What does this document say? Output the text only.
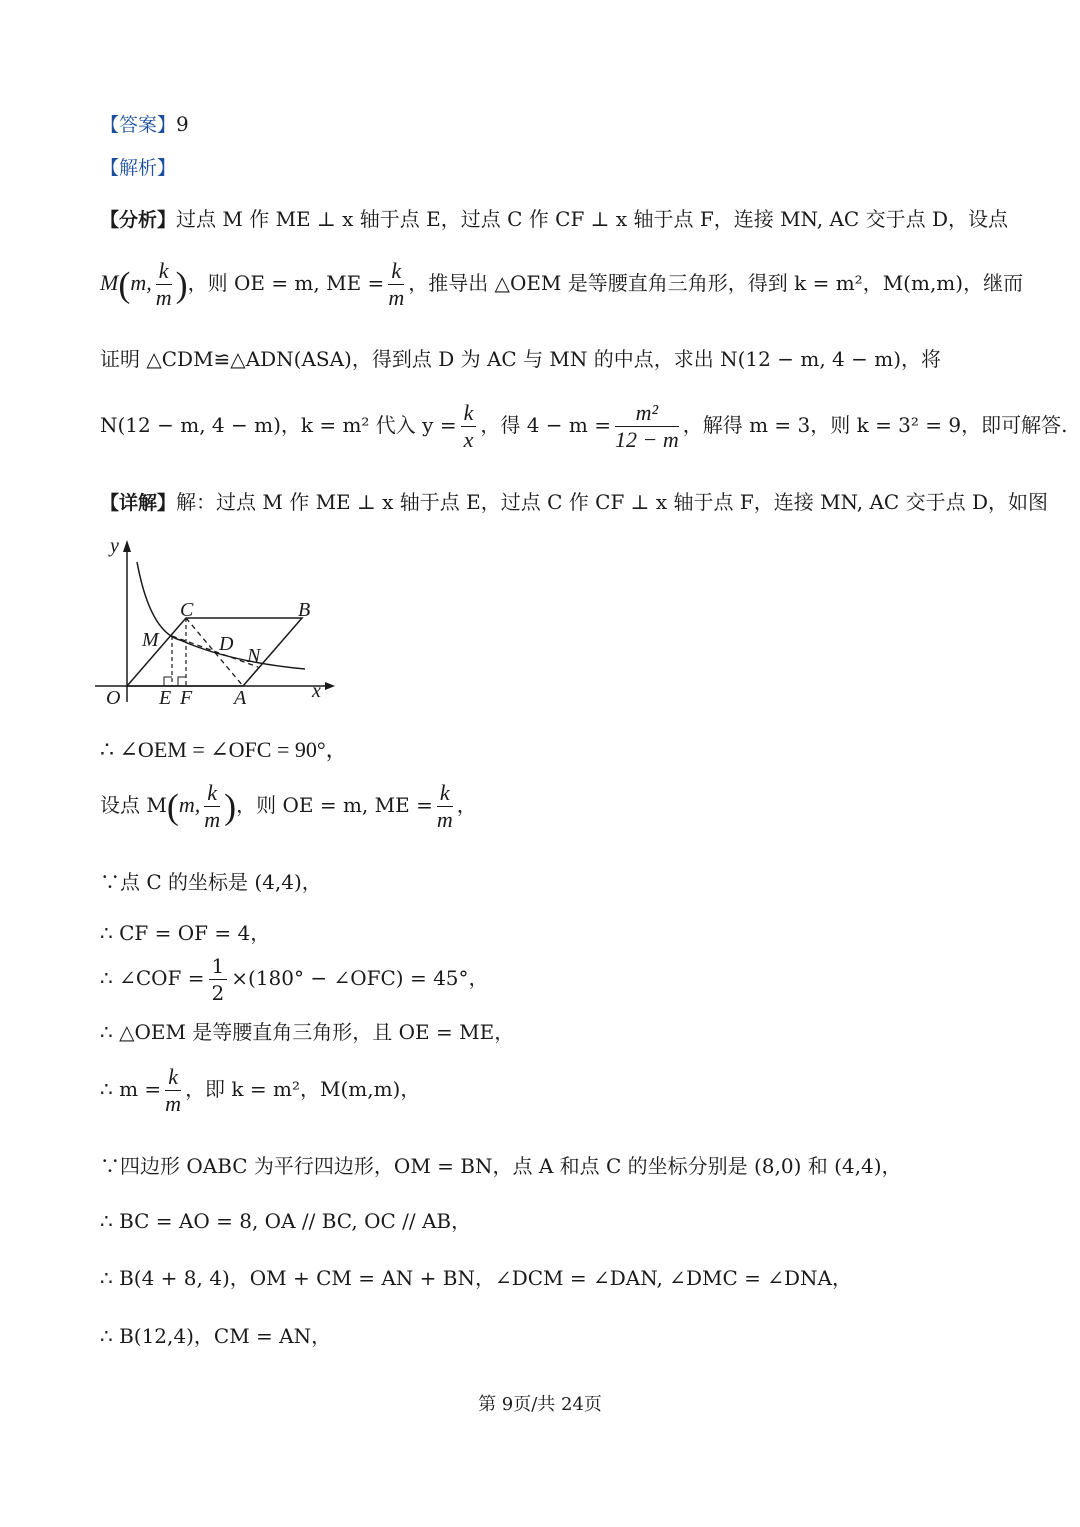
【答案】9
【解析】
【分析】过点 M 作 ME ⊥ x 轴于点 E，过点 C 作 CF ⊥ x 轴于点 F，连接 MN, AC 交于点 D，设点
M(m, $\frac{k}{m}$ )，则 OE = m, ME = $\frac{k}{m}$ ，推导出 △OEM 是等腰直角三角形，得到 k = m²，M(m,m)，继而
证明 △CDM≌△ADN(ASA)，得到点 D 为 AC 与 MN 的中点，求出 N(12 − m, 4 − m)，将
N(12 − m, 4 − m)，k = m² 代入 $y = \frac{k}{x}$ ，得 $4 - m = \frac{\text{m²}}{12 - m}$ ，解得 m = 3，则 k = 3² = 9，即可解答.
【详解】解：过点 M 作 ME ⊥ x 轴于点 E，过点 C 作 CF ⊥ x 轴于点 F，连接 MN, AC 交于点 D，如图
y
x
O E F A
C	B
M	D
N
∴ ∠OEM = ∠OFC = 90°，
设点 M(m, $\frac{k}{m}$ )，则 OE = m, ME = $\frac{k}{m}$ ，
∵点 C 的坐标是 (4,4)，
∴ CF = OF = 4，
∴ ∠COF = $\frac{1}{2} \times(180^\circ$ − ∠OFC) = 45°，
∴ △OEM 是等腰直角三角形，且 OE = ME，
∴ $m = \frac{k}{m}$ ，即 k = m²，M(m,m)，
∵四边形 OABC 为平行四边形，OM = BN，点 A 和点 C 的坐标分别是 (8,0) 和 (4,4)，
∴ BC = AO = 8, OA // BC, OC // AB，
∴ B(4 + 8, 4)，OM + CM = AN + BN，∠DCM = ∠DAN, ∠DMC = ∠DNA，
∴ B(12,4)，CM = AN，
第 9页/共 24页
